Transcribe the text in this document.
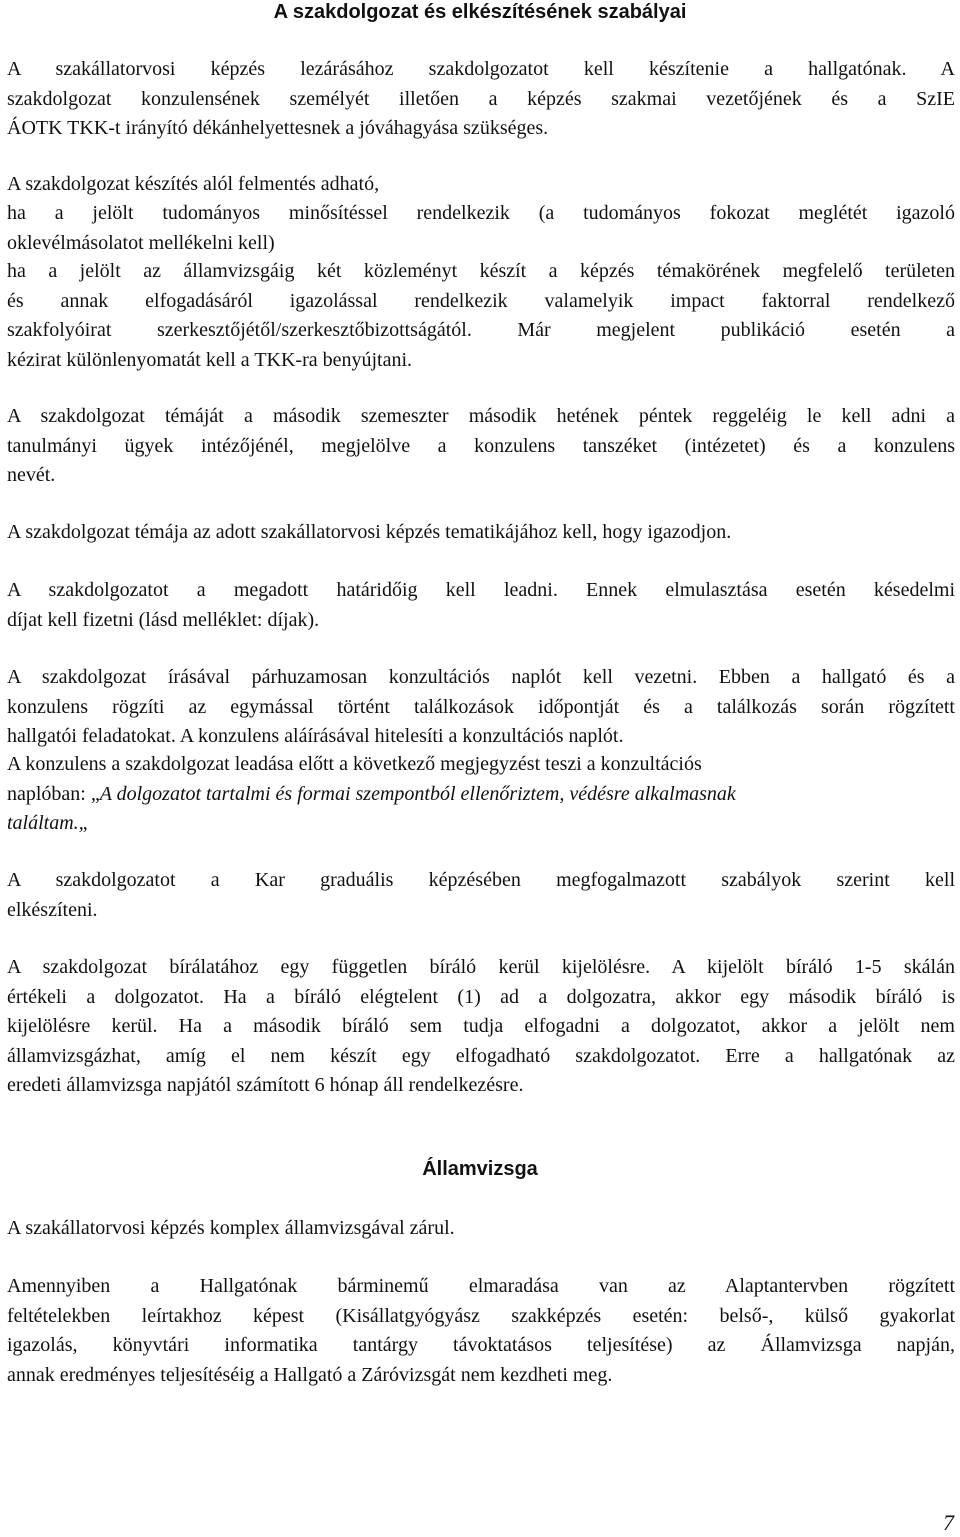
A szakdolgozat és elkészítésének szabályai
A szakállatorvosi képzés lezárásához szakdolgozatot kell készítenie a hallgatónak. A
szakdolgozat konzulensének személyét illetően a képzés szakmai vezetőjének és a SzIE
ÁOTK TKK-t irányító dékánhelyettesnek a jóváhagyása szükséges.
A szakdolgozat készítés alól felmentés adható,
ha a jelölt tudományos minősítéssel rendelkezik (a tudományos fokozat meglétét igazoló
oklevélmásolatot mellékelni kell)
ha a jelölt az államvizsgáig két közleményt készít a képzés témakörének megfelelő területen
és annak elfogadásáról igazolással rendelkezik valamelyik impact faktorral rendelkező
szakfolyóirat szerkesztőjétől/szerkesztőbizottságától. Már megjelent publikáció esetén a
kézirat különlenyomatát kell a TKK-ra benyújtani.
A szakdolgozat témáját a második szemeszter második hetének péntek reggeléig le kell adni a
tanulmányi ügyek intézőjénél, megjelölve a konzulens tanszéket (intézetet) és a konzulens
nevét.
A szakdolgozat témája az adott szakállatorvosi képzés tematikájához kell, hogy igazodjon.
A szakdolgozatot a megadott határidőig kell leadni. Ennek elmulasztása esetén késedelmi
díjat kell fizetni (lásd melléklet: díjak).
A szakdolgozat írásával párhuzamosan konzultációs naplót kell vezetni. Ebben a hallgató és a
konzulens rögzíti az egymással történt találkozások időpontját és a találkozás során rögzített
hallgatói feladatokat. A konzulens aláírásával hitelesíti a konzultációs naplót.
A konzulens a szakdolgozat leadása előtt a következő megjegyzést teszi a konzultációs
naplóban: „A dolgozatot tartalmi és formai szempontból ellenőriztem, védésre alkalmasnak
találtam.„
A szakdolgozatot a Kar graduális képzésében megfogalmazott szabályok szerint kell
elkészíteni.
A szakdolgozat bírálatához egy független bíráló kerül kijelölésre. A kijelölt bíráló 1-5 skálán
értékeli a dolgozatot. Ha a bíráló elégtelent (1) ad a dolgozatra, akkor egy második bíráló is
kijelölésre kerül. Ha a második bíráló sem tudja elfogadni a dolgozatot, akkor a jelölt nem
államvizsgázhat, amíg el nem készít egy elfogadható szakdolgozatot. Erre a hallgatónak az
eredeti államvizsga napjától számított 6 hónap áll rendelkezésre.
Államvizsga
A szakállatorvosi képzés komplex államvizsgával zárul.
Amennyiben a Hallgatónak bárminemű elmaradása van az Alaptantervben rögzített
feltételekben leírtakhoz képest (Kisállatgyógyász szakképzés esetén: belső-, külső gyakorlat
igazolás, könyvtári informatika tantárgy távoktatásos teljesítése) az Államvizsga napján,
annak eredményes teljesítéséig a Hallgató a Záróvizsgát nem kezdheti meg.
7
